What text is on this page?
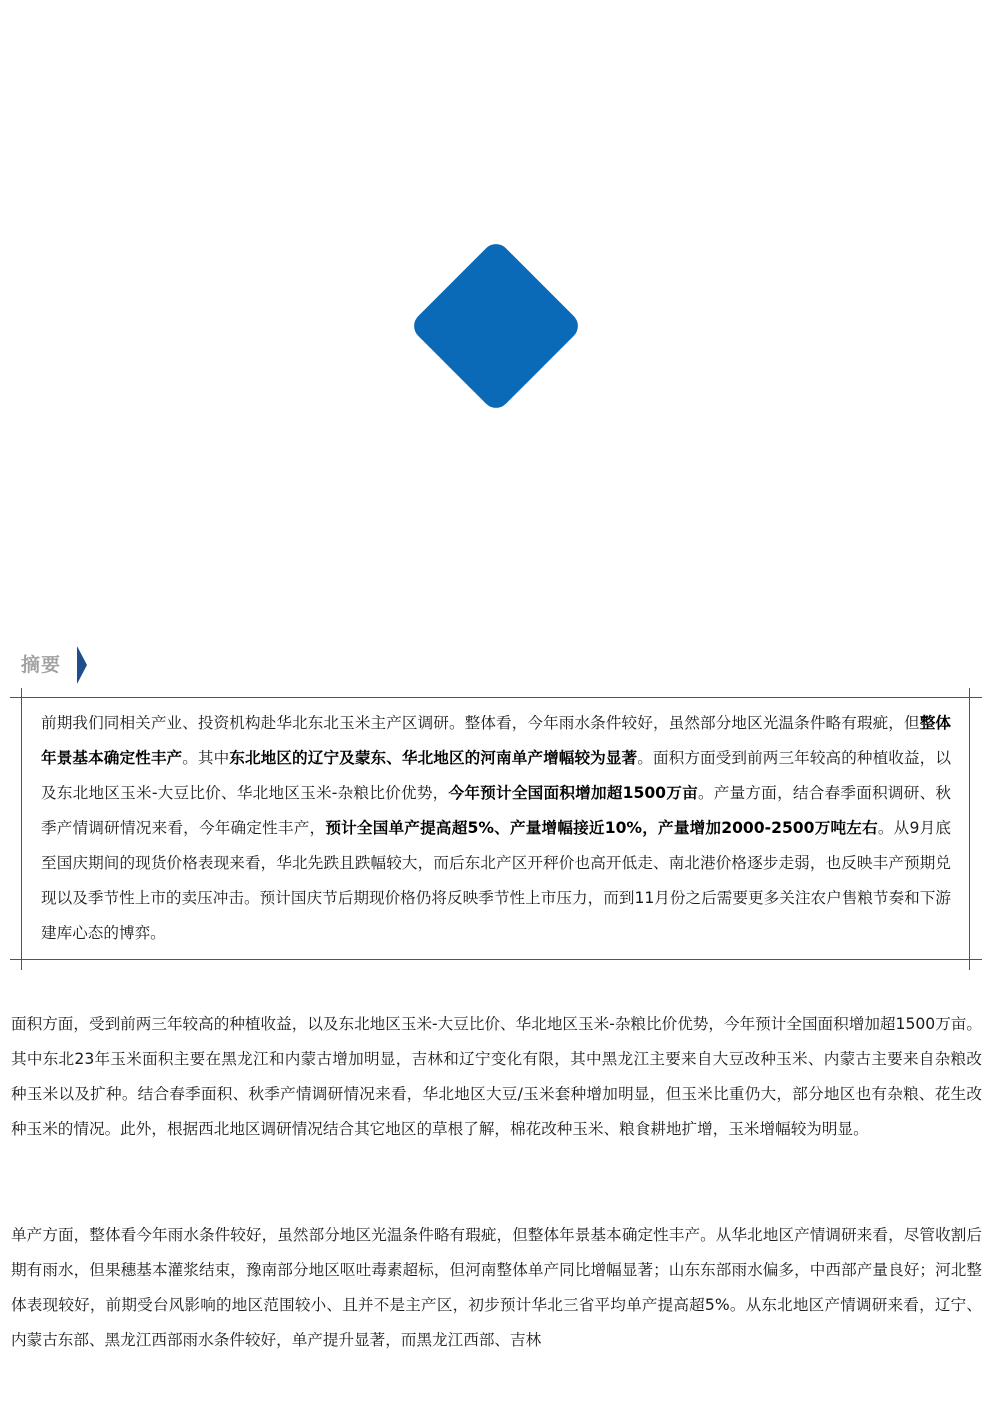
摘要
前期我们同相关产业、投资机构赴华北东北玉米主产区调研。整体看，今年雨水条件较好，虽然部分地区光温条件略有瑕疵，但整体年景基本确定性丰产。其中东北地区的辽宁及蒙东、华北地区的河南单产增幅较为显著。面积方面受到前两三年较高的种植收益，以及东北地区玉米-大豆比价、华北地区玉米-杂粮比价优势，今年预计全国面积增加超1500万亩。产量方面，结合春季面积调研、秋季产情调研情况来看，今年确定性丰产，预计全国单产提高超5%、产量增幅接近10%，产量增加2000-2500万吨左右。从9月底至国庆期间的现货价格表现来看，华北先跌且跌幅较大，而后东北产区开秤价也高开低走、南北港价格逐步走弱，也反映丰产预期兑现以及季节性上市的卖压冲击。预计国庆节后期现价格仍将反映季节性上市压力，而到11月份之后需要更多关注农户售粮节奏和下游建库心态的博弈。

面积方面，受到前两三年较高的种植收益，以及东北地区玉米-大豆比价、华北地区玉米-杂粮比价优势，今年预计全国面积增加超1500万亩。其中东北23年玉米面积主要在黑龙江和内蒙古增加明显，吉林和辽宁变化有限，其中黑龙江主要来自大豆改种玉米、内蒙古主要来自杂粮改种玉米以及扩种。结合春季面积、秋季产情调研情况来看，华北地区大豆/玉米套种增加明显，但玉米比重仍大，部分地区也有杂粮、花生改种玉米的情况。此外，根据西北地区调研情况结合其它地区的草根了解，棉花改种玉米、粮食耕地扩增，玉米增幅较为明显。

单产方面，整体看今年雨水条件较好，虽然部分地区光温条件略有瑕疵，但整体年景基本确定性丰产。从华北地区产情调研来看，尽管收割后期有雨水，但果穗基本灌浆结束，豫南部分地区呕吐毒素超标，但河南整体单产同比增幅显著；山东东部雨水偏多，中西部产量良好；河北整体表现较好，前期受台风影响的地区范围较小、且并不是主产区，初步预计华北三省平均单产提高超5%。从东北地区产情调研来看，辽宁、内蒙古东部、黑龙江西部雨水条件较好，单产提升显著，而黑龙江西部、吉林
